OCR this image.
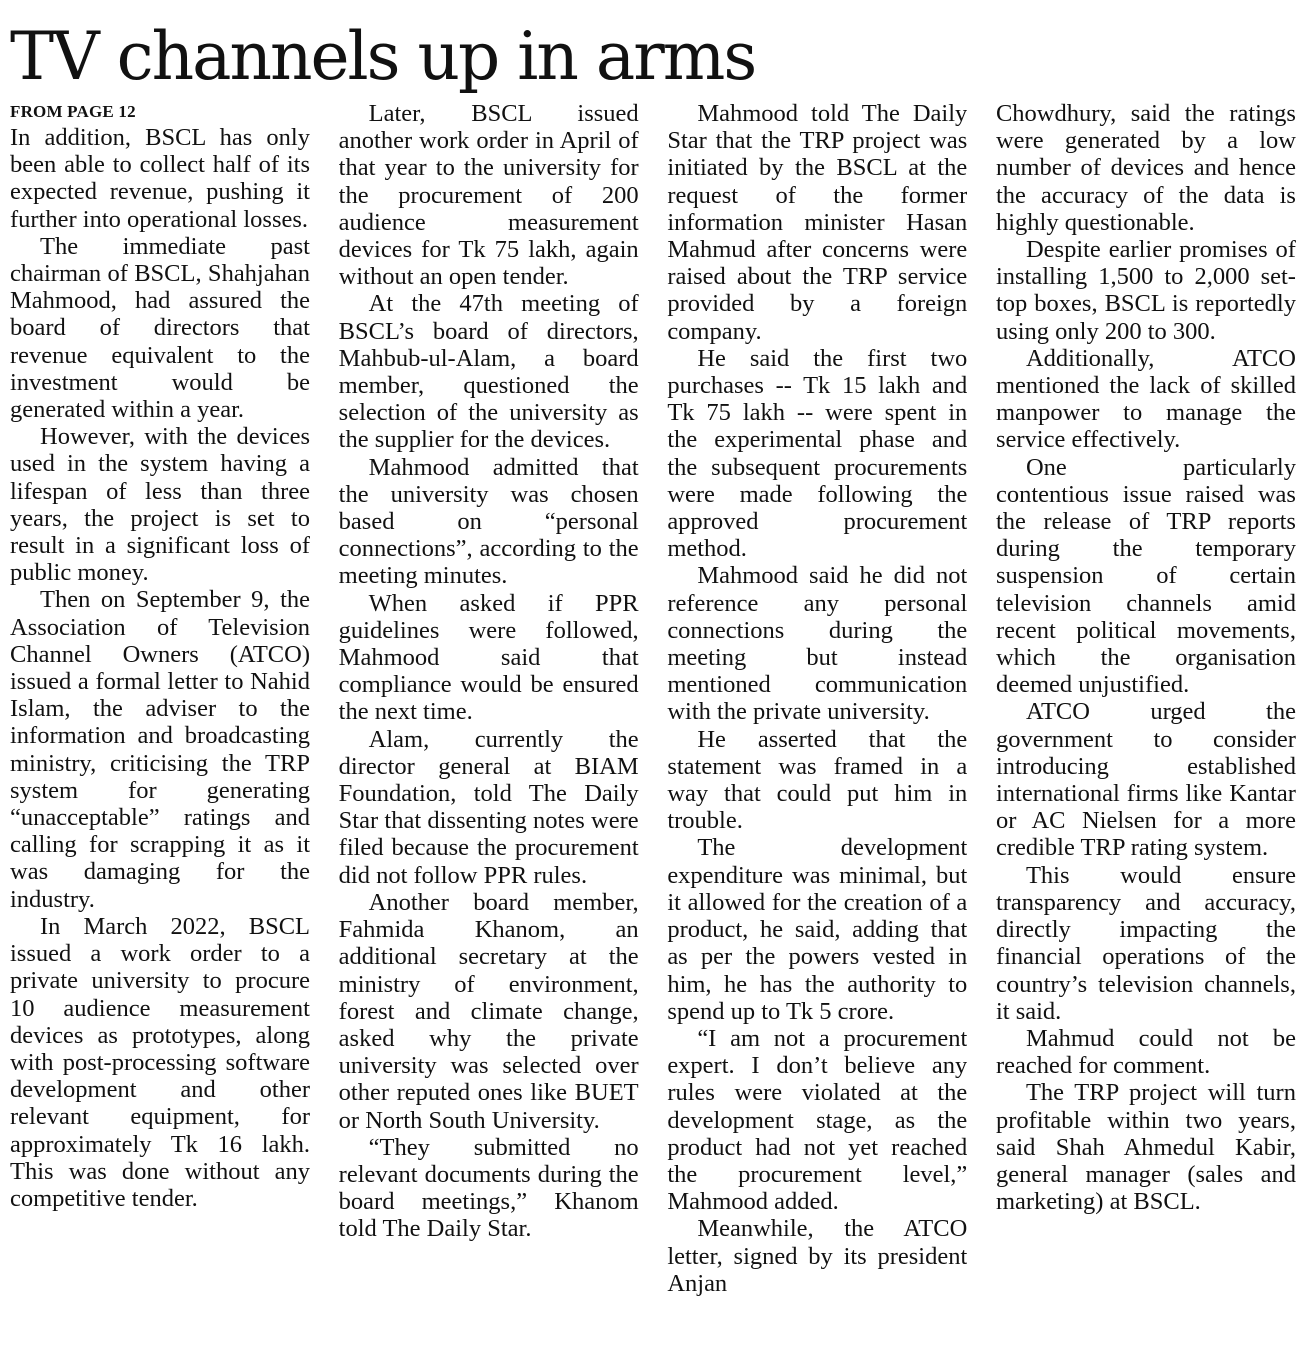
TV channels up in arms
FROM PAGE 12

In addition, BSCL has only been able to collect half of its expected revenue, pushing it further into operational losses.

The immediate past chairman of BSCL, Shahjahan Mahmood, had assured the board of directors that revenue equivalent to the investment would be generated within a year.

However, with the devices used in the system having a lifespan of less than three years, the project is set to result in a significant loss of public money.

Then on September 9, the Association of Television Channel Owners (ATCO) issued a formal letter to Nahid Islam, the adviser to the information and broadcasting ministry, criticising the TRP system for generating “unacceptable” ratings and calling for scrapping it as it was damaging for the industry.

In March 2022, BSCL issued a work order to a private university to procure 10 audience measurement devices as prototypes, along with post-processing software development and other relevant equipment, for approximately Tk 16 lakh. This was done without any competitive tender.

Later, BSCL issued another work order in April of that year to the university for the procurement of 200 audience measurement devices for Tk 75 lakh, again without an open tender.

At the 47th meeting of BSCL’s board of directors, Mahbub-ul-Alam, a board member, questioned the selection of the university as the supplier for the devices.

Mahmood admitted that the university was chosen based on “personal connections”, according to the meeting minutes.

When asked if PPR guidelines were followed, Mahmood said that compliance would be ensured the next time.

Alam, currently the director general at BIAM Foundation, told The Daily Star that dissenting notes were filed because the procurement did not follow PPR rules.

Another board member, Fahmida Khanom, an additional secretary at the ministry of environment, forest and climate change, asked why the private university was selected over other reputed ones like BUET or North South University.

“They submitted no relevant documents during the board meetings,” Khanom told The Daily Star.

Mahmood told The Daily Star that the TRP project was initiated by the BSCL at the request of the former information minister Hasan Mahmud after concerns were raised about the TRP service provided by a foreign company.

He said the first two purchases -- Tk 15 lakh and Tk 75 lakh -- were spent in the experimental phase and the subsequent procurements were made following the approved procurement method.

Mahmood said he did not reference any personal connections during the meeting but instead mentioned communication with the private university.

He asserted that the statement was framed in a way that could put him in trouble.

The development expenditure was minimal, but it allowed for the creation of a product, he said, adding that as per the powers vested in him, he has the authority to spend up to Tk 5 crore.

“I am not a procurement expert. I don’t believe any rules were violated at the development stage, as the product had not yet reached the procurement level,” Mahmood added.

Meanwhile, the ATCO letter, signed by its president Anjan

Chowdhury, said the ratings were generated by a low number of devices and hence the accuracy of the data is highly questionable.

Despite earlier promises of installing 1,500 to 2,000 set-top boxes, BSCL is reportedly using only 200 to 300.

Additionally, ATCO mentioned the lack of skilled manpower to manage the service effectively.

One particularly contentious issue raised was the release of TRP reports during the temporary suspension of certain television channels amid recent political movements, which the organisation deemed unjustified.

ATCO urged the government to consider introducing established international firms like Kantar or AC Nielsen for a more credible TRP rating system.

This would ensure transparency and accuracy, directly impacting the financial operations of the country’s television channels, it said.

Mahmud could not be reached for comment.

The TRP project will turn profitable within two years, said Shah Ahmedul Kabir, general manager (sales and marketing) at BSCL.
